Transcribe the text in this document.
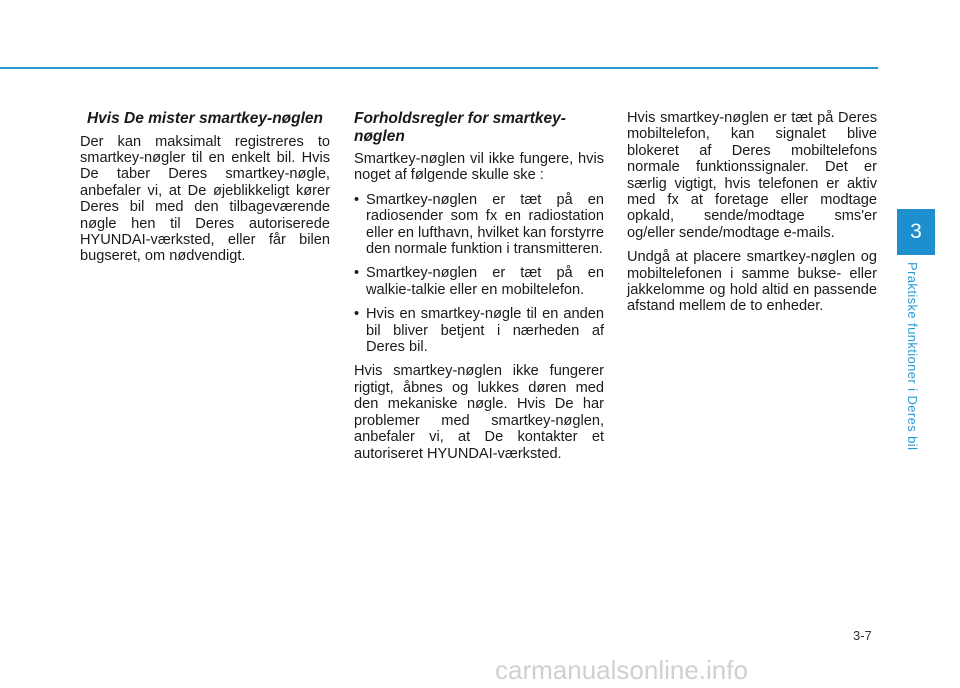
Hvis De mister smartkey-nøglen

Der kan maksimalt registreres to smartkey-nøgler til en enkelt bil. Hvis De taber Deres smartkey-nøgle, anbefaler vi, at De øjeblikkeligt kører Deres bil med den tilbageværende nøgle hen til Deres autoriserede HYUNDAI-værksted, eller får bilen bugseret, om nødvendigt.

Forholdsregler for smartkey-nøglen

Smartkey-nøglen vil ikke fungere, hvis noget af følgende skulle ske :

• Smartkey-nøglen er tæt på en radiosender som fx en radiostation eller en lufthavn, hvilket kan forstyrre den normale funktion i transmitteren.
• Smartkey-nøglen er tæt på en walkie-talkie eller en mobiltelefon.
• Hvis en smartkey-nøgle til en anden bil bliver betjent i nærheden af Deres bil.

Hvis smartkey-nøglen ikke fungerer rigtigt, åbnes og lukkes døren med den mekaniske nøgle. Hvis De har problemer med smartkey-nøglen, anbefaler vi, at De kontakter et autoriseret HYUNDAI-værksted.

Hvis smartkey-nøglen er tæt på Deres mobiltelefon, kan signalet blive blokeret af Deres mobiltelefons normale funktionssignaler. Det er særlig vigtigt, hvis telefonen er aktiv med fx at foretage eller modtage opkald, sende/modtage sms'er og/eller sende/modtage e-mails.

Undgå at placere smartkey-nøglen og mobiltelefonen i samme bukse- eller jakkelomme og hold altid en passende afstand mellem de to enheder.

3
Praktiske funktioner i Deres bil
3-7
carmanualsonline.info
